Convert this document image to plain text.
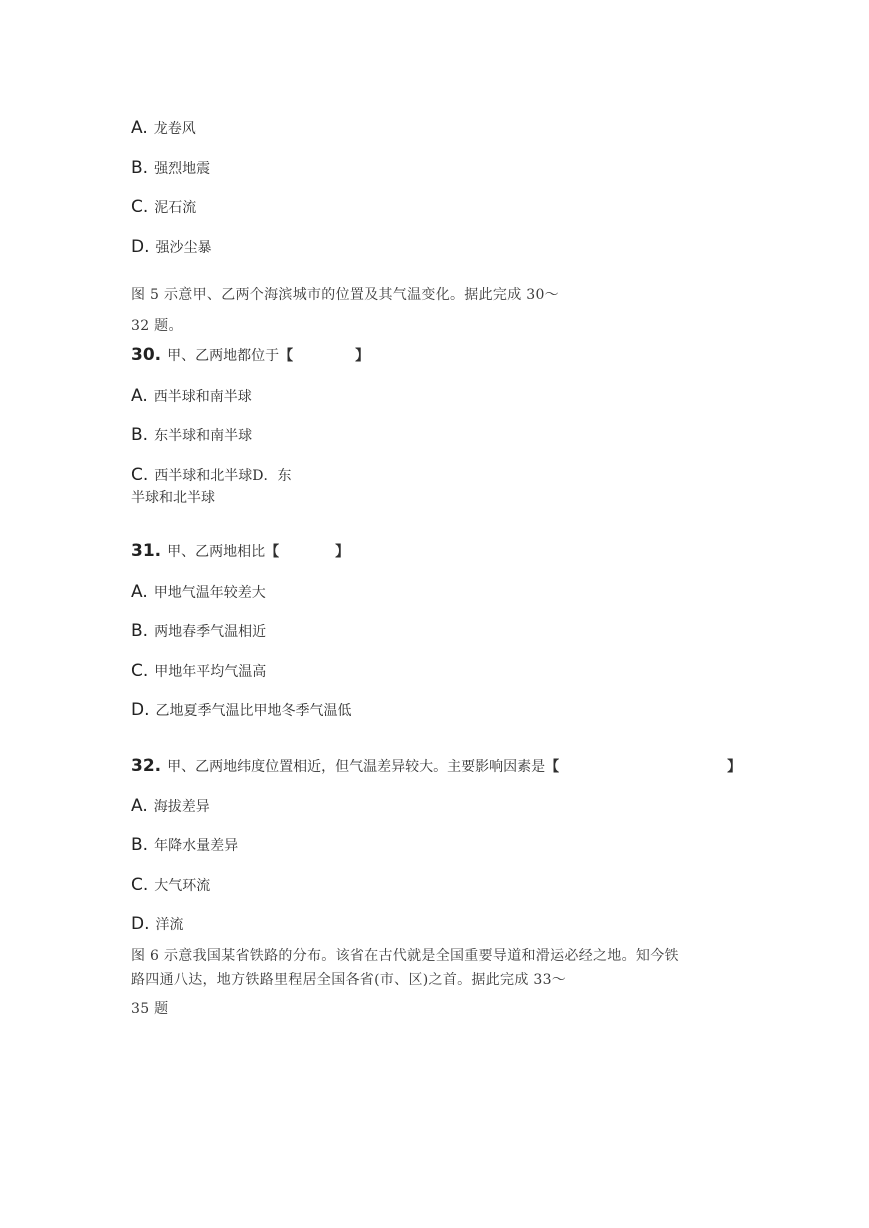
A. 龙卷风
B. 强烈地震
C. 泥石流
D. 强沙尘暴
图 5 示意甲、乙两个海滨城市的位置及其气温变化。据此完成 30～
32 题。
30. 甲、乙两地都位于【	】
A. 西半球和南半球
B. 东半球和南半球
C. 西半球和北半球D．东
半球和北半球
31. 甲、乙两地相比【	】
A. 甲地气温年较差大
B. 两地春季气温相近
C. 甲地年平均气温高
D. 乙地夏季气温比甲地冬季气温低
32. 甲、乙两地纬度位置相近，但气温差异较大。主要影响因素是【	】
A. 海拔差异
B. 年降水量差异
C. 大气环流
D. 洋流
图 6 示意我国某省铁路的分布。该省在古代就是全国重要导道和滑运必经之地。知今铁
路四通八达，地方铁路里程居全国各省(市、区)之首。据此完成 33～
35 题
